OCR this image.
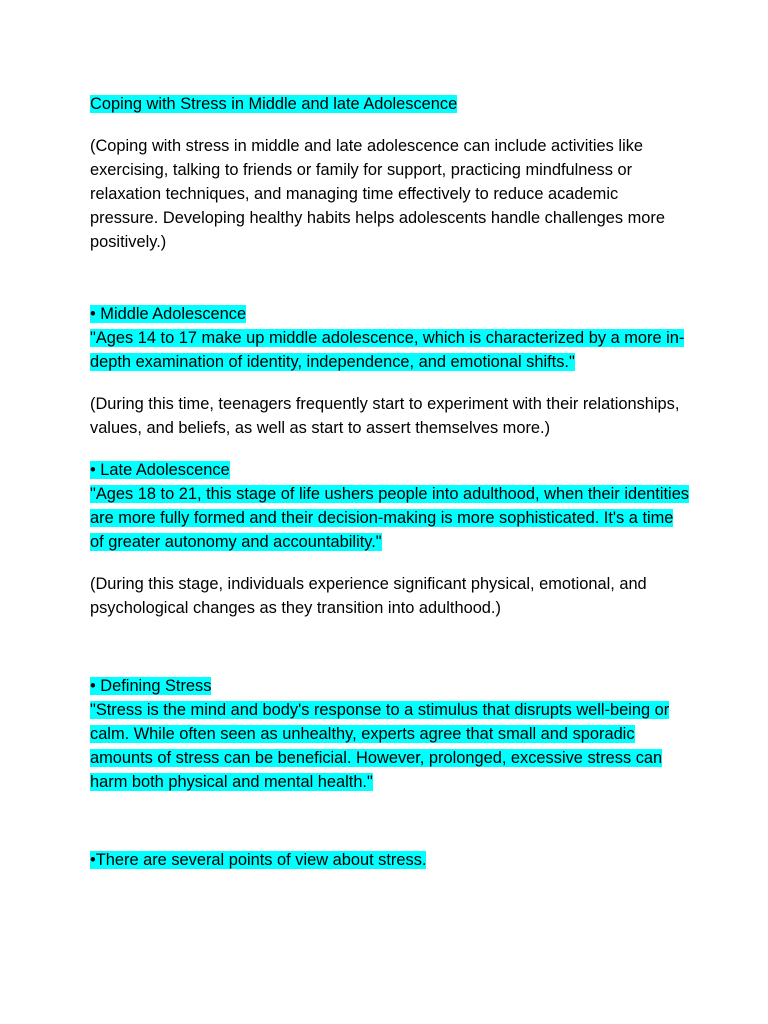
Coping with Stress in Middle and late Adolescence

(Coping with stress in middle and late adolescence can include activities like exercising, talking to friends or family for support, practicing mindfulness or relaxation techniques, and managing time effectively to reduce academic pressure. Developing healthy habits helps adolescents handle challenges more positively.)

• Middle Adolescence
"Ages 14 to 17 make up middle adolescence, which is characterized by a more in-depth examination of identity, independence, and emotional shifts."

(During this time, teenagers frequently start to experiment with their relationships, values, and beliefs, as well as start to assert themselves more.)

• Late Adolescence
"Ages 18 to 21, this stage of life ushers people into adulthood, when their identities are more fully formed and their decision-making is more sophisticated. It's a time of greater autonomy and accountability."

(During this stage, individuals experience significant physical, emotional, and psychological changes as they transition into adulthood.)

• Defining Stress
"Stress is the mind and body's response to a stimulus that disrupts well-being or calm. While often seen as unhealthy, experts agree that small and sporadic amounts of stress can be beneficial. However, prolonged, excessive stress can harm both physical and mental health."

•There are several points of view about stress.
